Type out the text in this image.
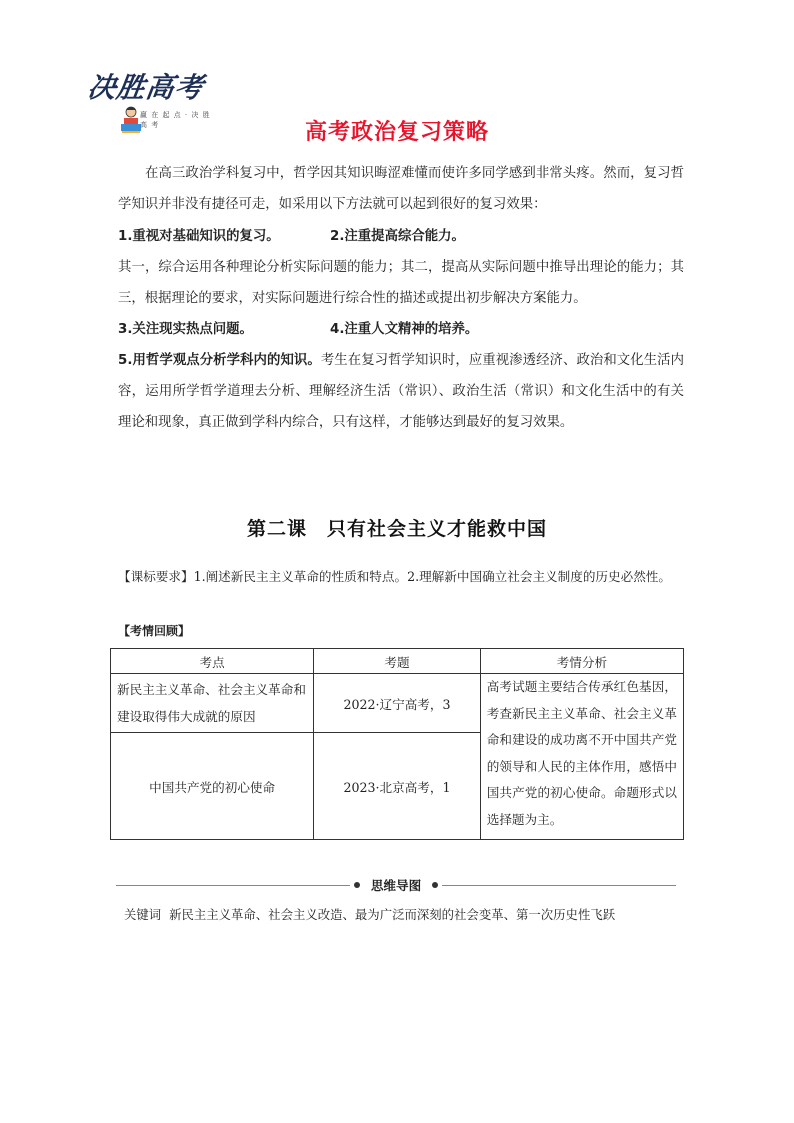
决胜高考
赢 在 起 点 · 决 胜 高 考	高考政治复习策略

在高三政治学科复习中，哲学因其知识晦涩难懂而使许多同学感到非常头疼。然而，复习哲学知识并非没有捷径可走，如采用以下方法就可以起到很好的复习效果：

1.重视对基础知识的复习。	2.注重提高综合能力。

其一，综合运用各种理论分析实际问题的能力；其二，提高从实际问题中推导出理论的能力；其三，根据理论的要求，对实际问题进行综合性的描述或提出初步解决方案能力。

3.关注现实热点问题。	4.注重人文精神的培养。

5.用哲学观点分析学科内的知识。考生在复习哲学知识时，应重视渗透经济、政治和文化生活内容，运用所学哲学道理去分析、理解经济生活（常识）、政治生活（常识）和文化生活中的有关理论和现象，真正做到学科内综合，只有这样，才能够达到最好的复习效果。

第二课　只有社会主义才能救中国

【课标要求】1.阐述新民主主义革命的性质和特点。2.理解新中国确立社会主义制度的历史必然性。

【考情回顾】
考点	考题	考情分析
新民主主义革命、社会主义革命和建设取得伟大成就的原因	2022·辽宁高考，3	高考试题主要结合传承红色基因，考查新民主主义革命、社会主义革命和建设的成功离不开中国共产党的领导和人民的主体作用，感悟中国共产党的初心使命。命题形式以选择题为主。
中国共产党的初心使命	2023·北京高考，1	
思维导图
关键词 新民主主义革命、社会主义改造、最为广泛而深刻的社会变革、第一次历史性飞跃
